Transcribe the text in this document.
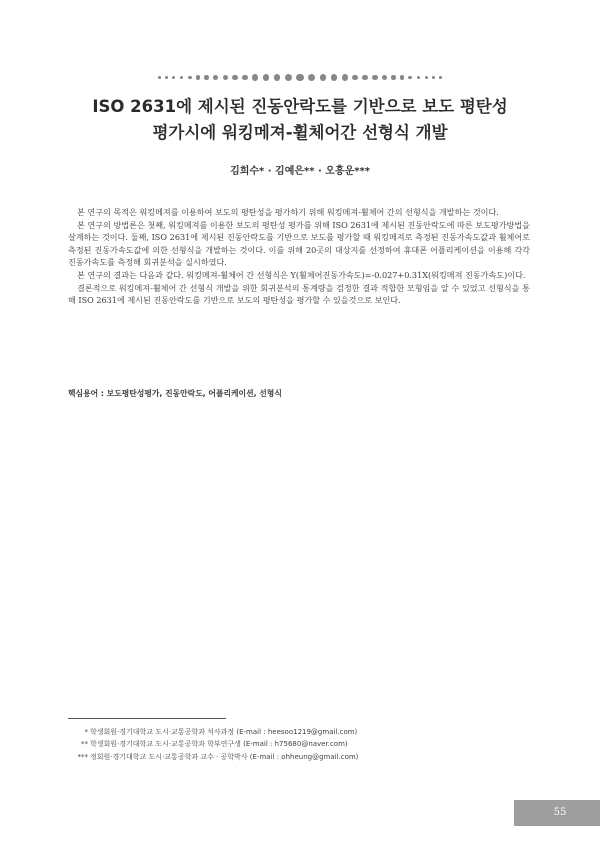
ISO 2631에 제시된 진동안락도를 기반으로 보도 평탄성
평가시에 워킹메져-휠체어간 선형식 개발
김희수* · 김예은** · 오흥운***

본 연구의 목적은 워킹메져를 이용하여 보도의 평탄성을 평가하기 위해 워킹메져-휠체어 간의 선형식을 개발하는 것이다.

본 연구의 방법론은 첫째, 워킹메져를 이용한 보도의 평탄성 평가를 위해 ISO 2631에 제시된 진동안락도에 따른 보도평가방법을 살계하는 것이다. 둘째, ISO 2631에 제시된 진동안락도를 기반으로 보도를 평가할 때 워킹메져로 측정된 진동가속도값과 휠체어로 측정된 진동가속도값에 의한 선형식을 개발하는 것이다. 이를 위해 20곳의 대상지를 선정하여 휴대폰 어플리케이션을 이용해 각각 진동가속도를 측정해 회귀분석을 실시하였다.

본 연구의 결과는 다음과 같다. 워킹메져-휠체어 간 선형식은 Y(휠체어진동가속도)=-0.027+0.31X(워킹메져 진동가속도)이다.

결론적으로 워킹메져-휠체어 간 선형식 개발을 위한 회귀분석의 통계량을 검정한 결과 적합한 모형임을 알 수 있었고 선형식을 통해 ISO 2631에 제시된 진동안락도를 기반으로 보도의 평탄성을 평가할 수 있을것으로 보인다.

핵심용어 : 보도평탄성평가, 진동안락도, 어플리케이션, 선형식
* 학생회원·경기대학교 도시·교통공학과 석사과정 (E-mail : heesoo1219@gmail.com)
** 학생회원·경기대학교 도시·교통공학과 학부연구생 (E-mail : h75680@naver.com)
*** 정회원·경기대학교 도시·교통공학과 교수 · 공학박사 (E-mail : ohheung@gmail.com)
55
